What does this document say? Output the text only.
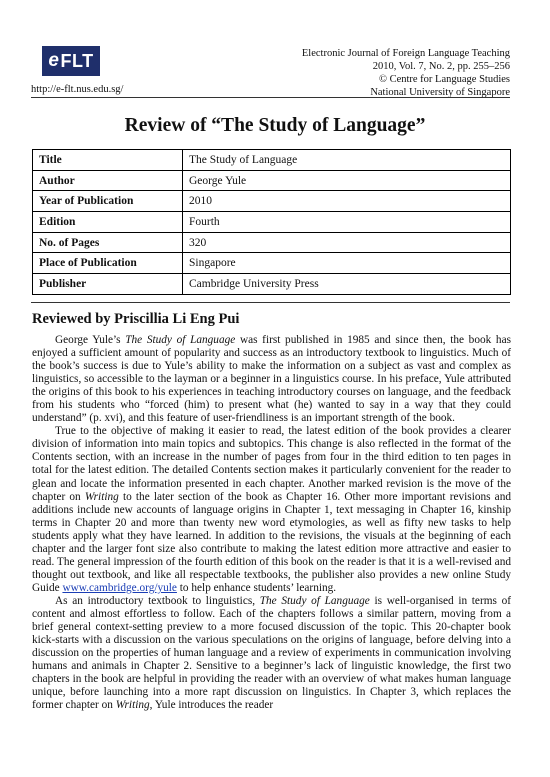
e FLT
http://e-flt.nus.edu.sg/
Electronic Journal of Foreign Language Teaching
2010, Vol. 7, No. 2, pp. 255–256
© Centre for Language Studies
National University of Singapore
Review of “The Study of Language”
Title	The Study of Language
Author	George Yule
Year of Publication	2010
Edition	Fourth
No. of Pages	320
Place of Publication	Singapore
Publisher	Cambridge University Press
Reviewed by Priscillia Li Eng Pui

George Yule’s The Study of Language was first published in 1985 and since then, the book has enjoyed a sufficient amount of popularity and success as an introductory textbook to linguistics. Much of the book’s success is due to Yule’s ability to make the information on a subject as vast and complex as linguistics, so accessible to the layman or a beginner in a linguistics course. In his preface, Yule attributed the origins of this book to his experiences in teaching introductory courses on language, and the feedback from his students who “forced (him) to present what (he) wanted to say in a way that they could understand” (p. xvi), and this feature of user-friendliness is an important strength of the book.

True to the objective of making it easier to read, the latest edition of the book provides a clearer division of information into main topics and subtopics. This change is also reflected in the format of the Contents section, with an increase in the number of pages from four in the third edition to ten pages in total for the latest edition. The detailed Contents section makes it particularly convenient for the reader to glean and locate the information presented in each chapter. Another marked revision is the move of the chapter on Writing to the later section of the book as Chapter 16. Other more important revisions and additions include new accounts of language origins in Chapter 1, text messaging in Chapter 16, kinship terms in Chapter 20 and more than twenty new word etymologies, as well as fifty new tasks to help students apply what they have learned. In addition to the revisions, the visuals at the beginning of each chapter and the larger font size also contribute to making the latest edition more attractive and easier to read. The general impression of the fourth edition of this book on the reader is that it is a well-revised and thought out textbook, and like all respectable textbooks, the publisher also provides a new online Study Guide www.cambridge.org/yule to help enhance students’ learning.

As an introductory textbook to linguistics, The Study of Language is well-organised in terms of content and almost effortless to follow. Each of the chapters follows a similar pattern, moving from a brief general context-setting preview to a more focused discussion of the topic. This 20-chapter book kick-starts with a discussion on the various speculations on the origins of language, before delving into a discussion on the properties of human language and a review of experiments in communication involving humans and animals in Chapter 2. Sensitive to a beginner’s lack of linguistic knowledge, the first two chapters in the book are helpful in providing the reader with an overview of what makes human language unique, before launching into a more rapt discussion on linguistics. In Chapter 3, which replaces the former chapter on Writing, Yule introduces the reader
